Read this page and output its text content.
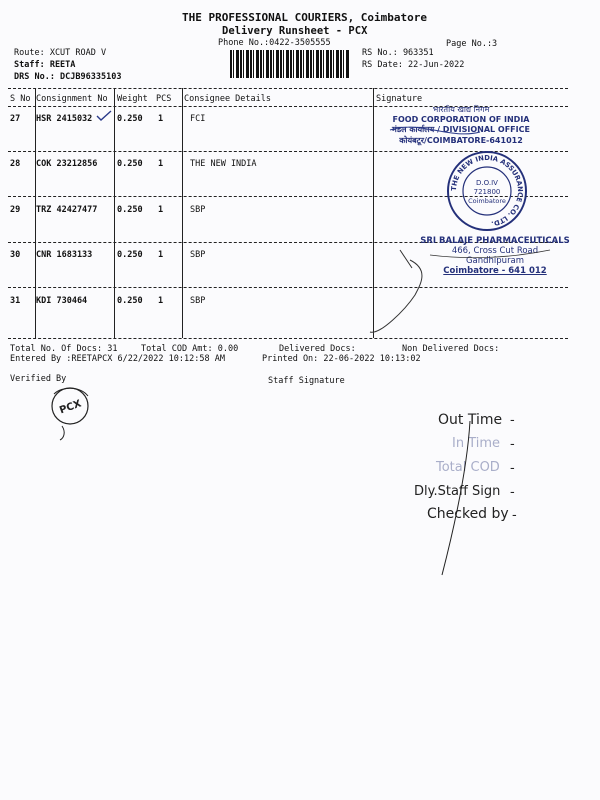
THE PROFESSIONAL COURIERS, Coimbatore
Delivery Runsheet - PCX
Phone No.:0422-3505555	Page No.:3
Route: XCUT ROAD V
Staff: REETA
DRS No.: DCJB96335103
RS No.: 963351
RS Date: 22-Jun-2022
S No Consignment No Weight PCS Consignee Details	Signature
27 HSR 2415032	0.250 1	FCI
28 COK 23212856 0.250 1	THE NEW INDIA
29 TRZ 42427477 0.250 1	SBP
30 CNR 1683133	0.250 1	SBP
31 KDI 730464	0.250 1	SBP
भारतीय खाद्य निगम
FOOD CORPORATION OF INDIA
मंडल कार्यालय / DIVISIONAL OFFICE
कोयंबटूर/COIMBATORE-641012
THE NEW INDIA ASSURANCE CO. LTD.
D.O.IV
721800
Coimbatore
SRI BALAJE PHARMACEUTICALS
466, Cross Cut Road
Gandhipuram
Coimbatore - 641 012
Total No. Of Docs: 31	Total COD Amt: 0.00	Delivered Docs:	Non Delivered Docs:
Entered By :REETAPCX 6/22/2022 10:12:58 AM	Printed On: 22-06-2022 10:13:02
Verified By	Staff Signature
PCX
Out Time -
In Time -
Total COD -
Dly.Staff Sign -
Checked by -
